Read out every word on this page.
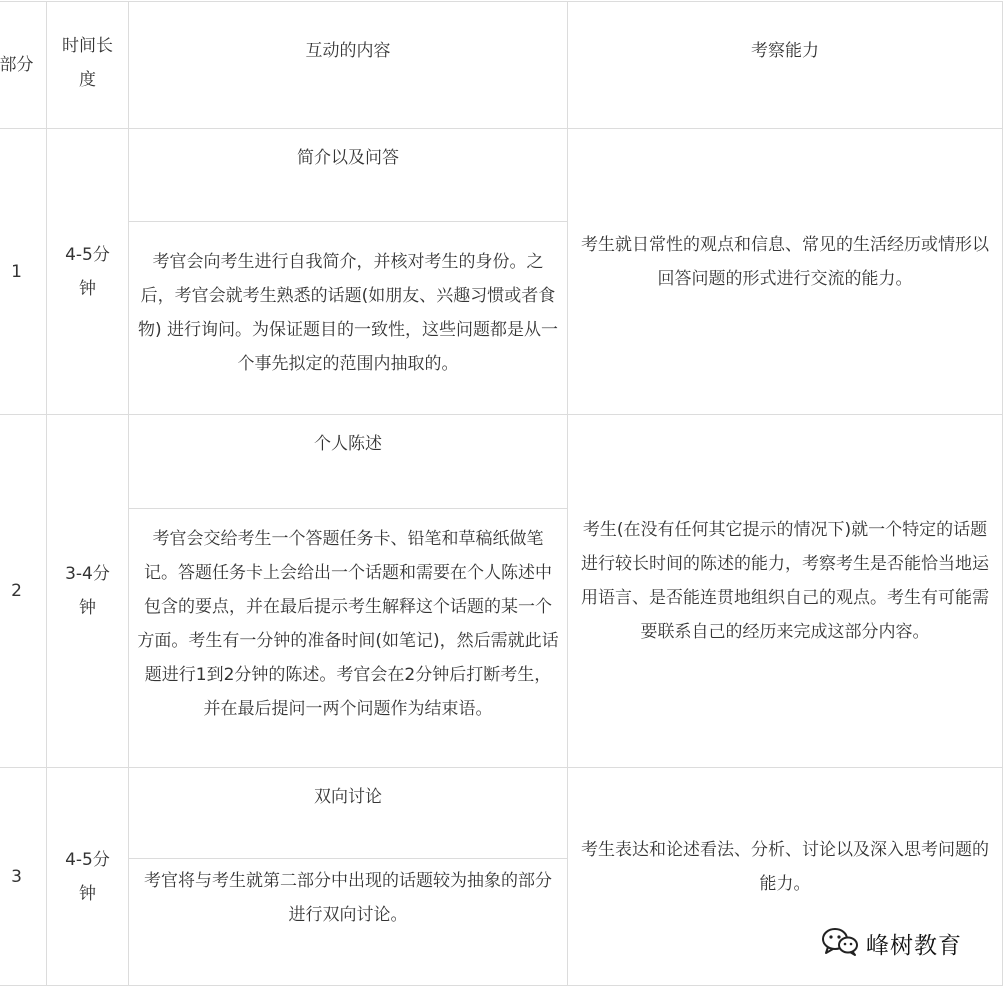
部分
时间长度
互动的内容	考察能力
1
4-5分钟
简介以及问答
考官会向考生进行自我简介，并核对考生的身份。之后，考官会就考生熟悉的话题(如朋友、兴趣习惯或者食物) 进行询问。为保证题目的一致性，这些问题都是从一个事先拟定的范围内抽取的。
考生就日常性的观点和信息、常见的生活经历或情形以回答问题的形式进行交流的能力。
2
3-4分钟
个人陈述
考官会交给考生一个答题任务卡、铅笔和草稿纸做笔记。答题任务卡上会给出一个话题和需要在个人陈述中包含的要点，并在最后提示考生解释这个话题的某一个方面。考生有一分钟的准备时间(如笔记)，然后需就此话题进行1到2分钟的陈述。考官会在2分钟后打断考生，并在最后提问一两个问题作为结束语。
考生(在没有任何其它提示的情况下)就一个特定的话题进行较长时间的陈述的能力，考察考生是否能恰当地运用语言、是否能连贯地组织自己的观点。考生有可能需要联系自己的经历来完成这部分内容。
3
4-5分钟
双向讨论
考官将与考生就第二部分中出现的话题较为抽象的部分进行双向讨论。
考生表达和论述看法、分析、讨论以及深入思考问题的能力。
峰树教育
